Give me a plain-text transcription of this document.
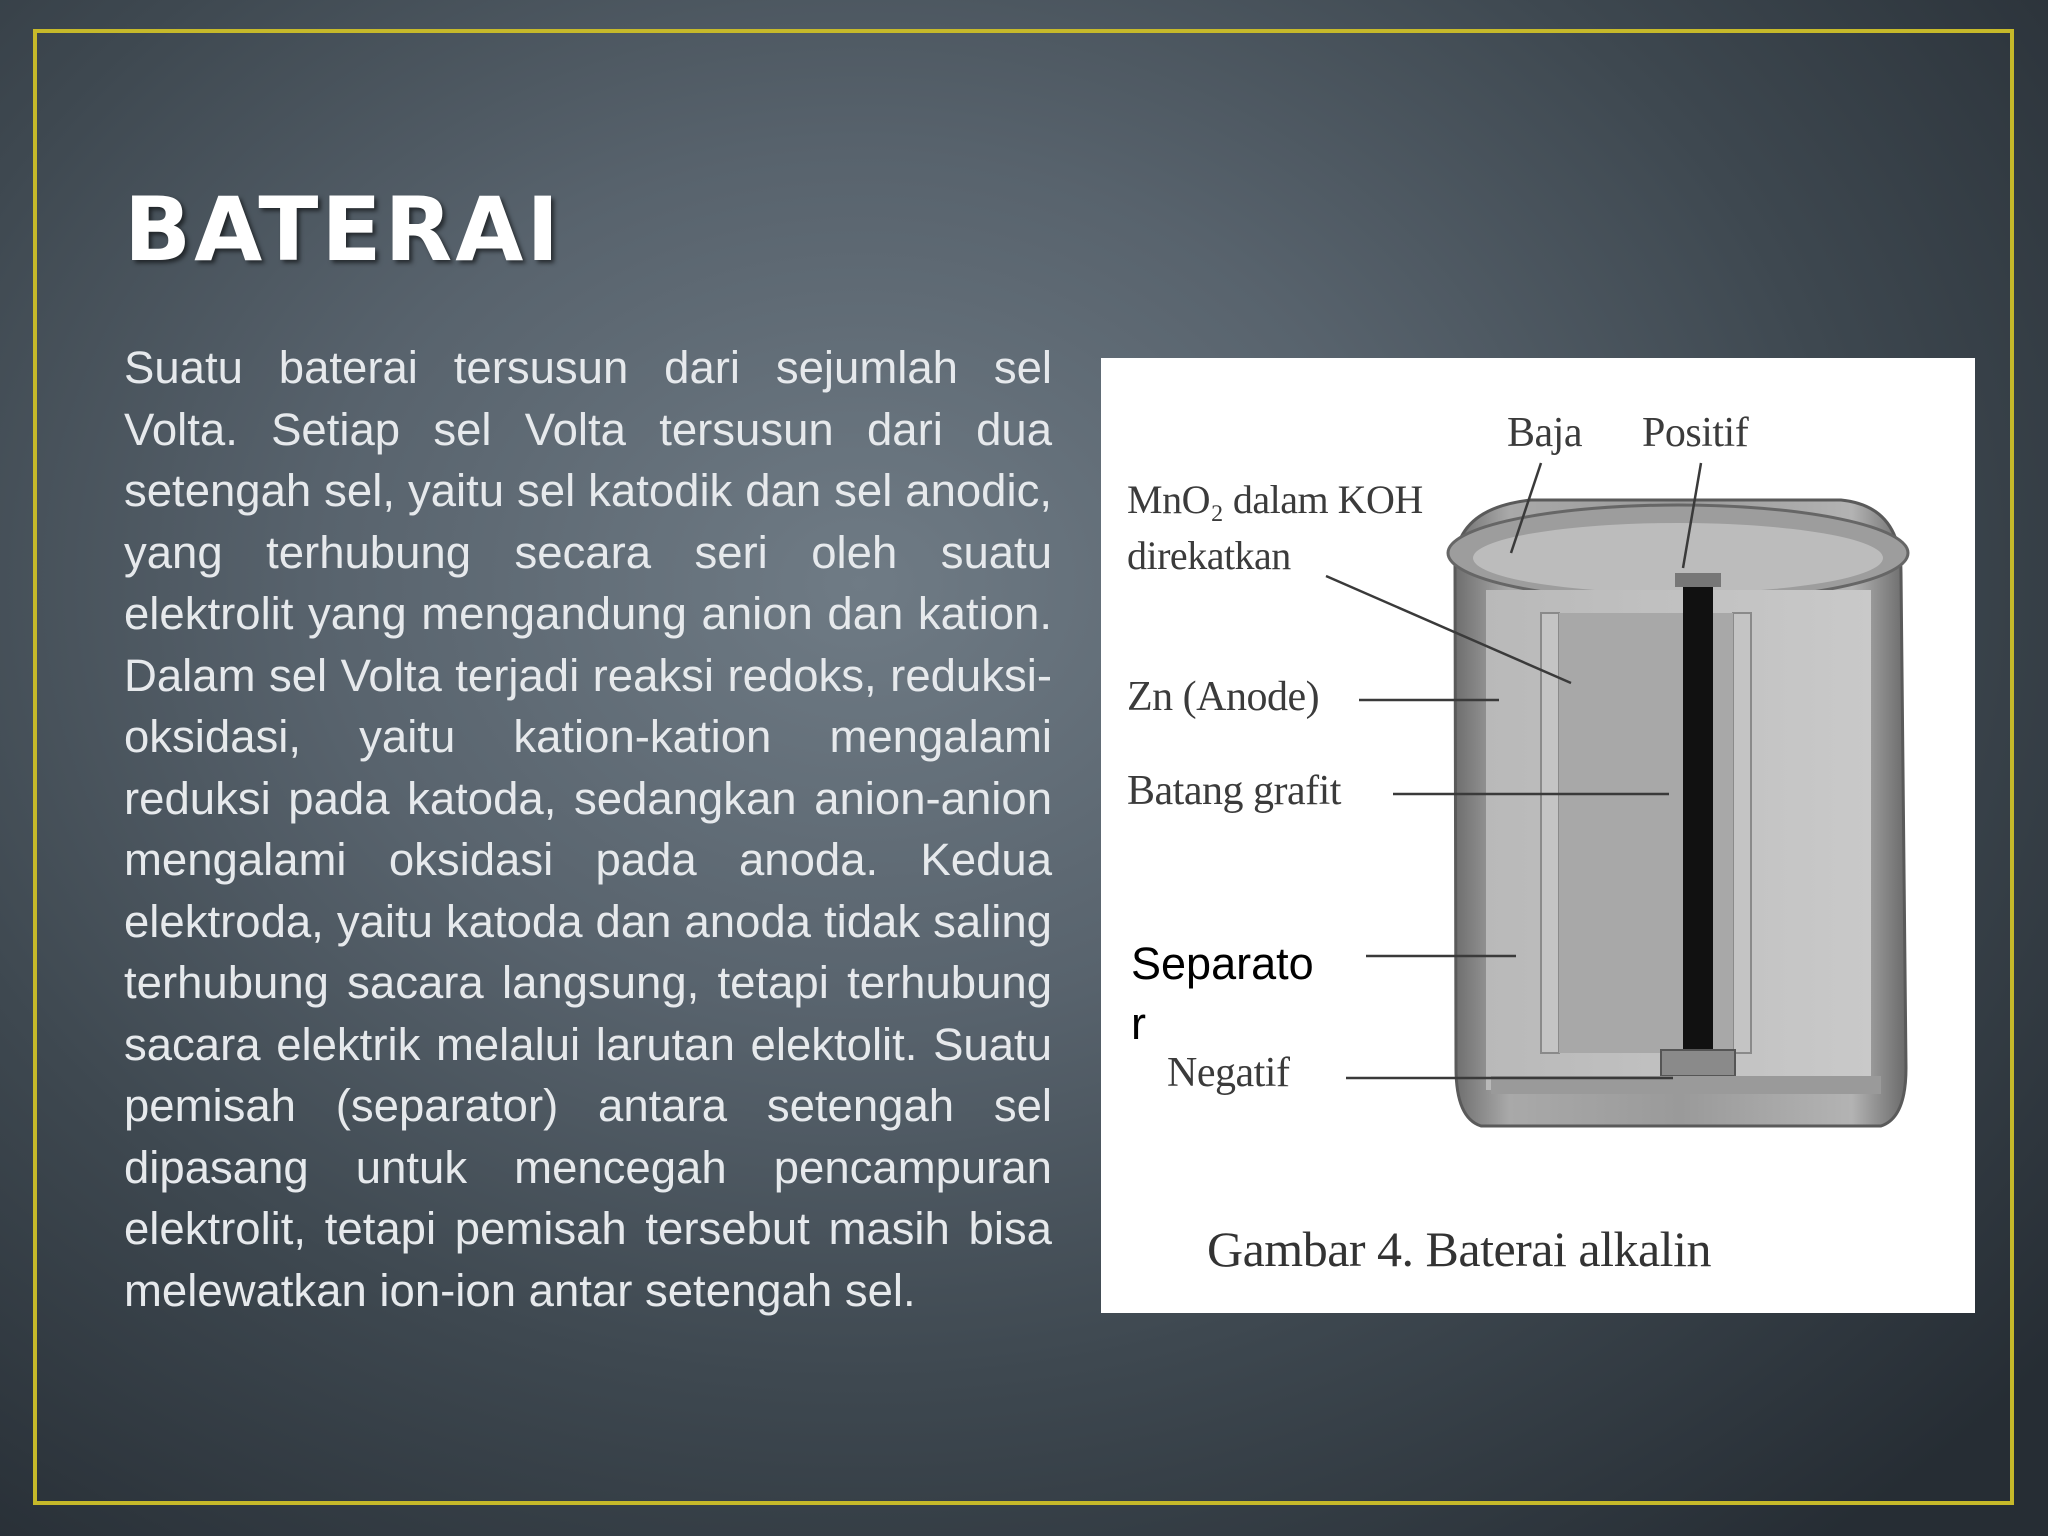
BATERAI

Suatu baterai tersusun dari sejumlah sel Volta. Setiap sel Volta tersusun dari dua setengah sel, yaitu sel katodik dan sel anodic, yang terhubung secara seri oleh suatu elektrolit yang mengandung anion dan kation. Dalam sel Volta terjadi reaksi redoks, reduksi-oksidasi, yaitu kation-kation mengalami reduksi pada katoda, sedangkan anion-anion mengalami oksidasi pada anoda. Kedua elektroda, yaitu katoda dan anoda tidak saling terhubung sacara langsung, tetapi terhubung sacara elektrik melalui larutan elektolit. Suatu pemisah (separator) antara setengah sel dipasang untuk mencegah pencampuran elektrolit, tetapi pemisah tersebut masih bisa melewatkan ion-ion antar setengah sel.

Baja Positif
MnO₂ dalam KOH
direkatkan
Zn (Anode)
Batang grafit
Separato r
Negatif
Gambar 4. Baterai alkalin
